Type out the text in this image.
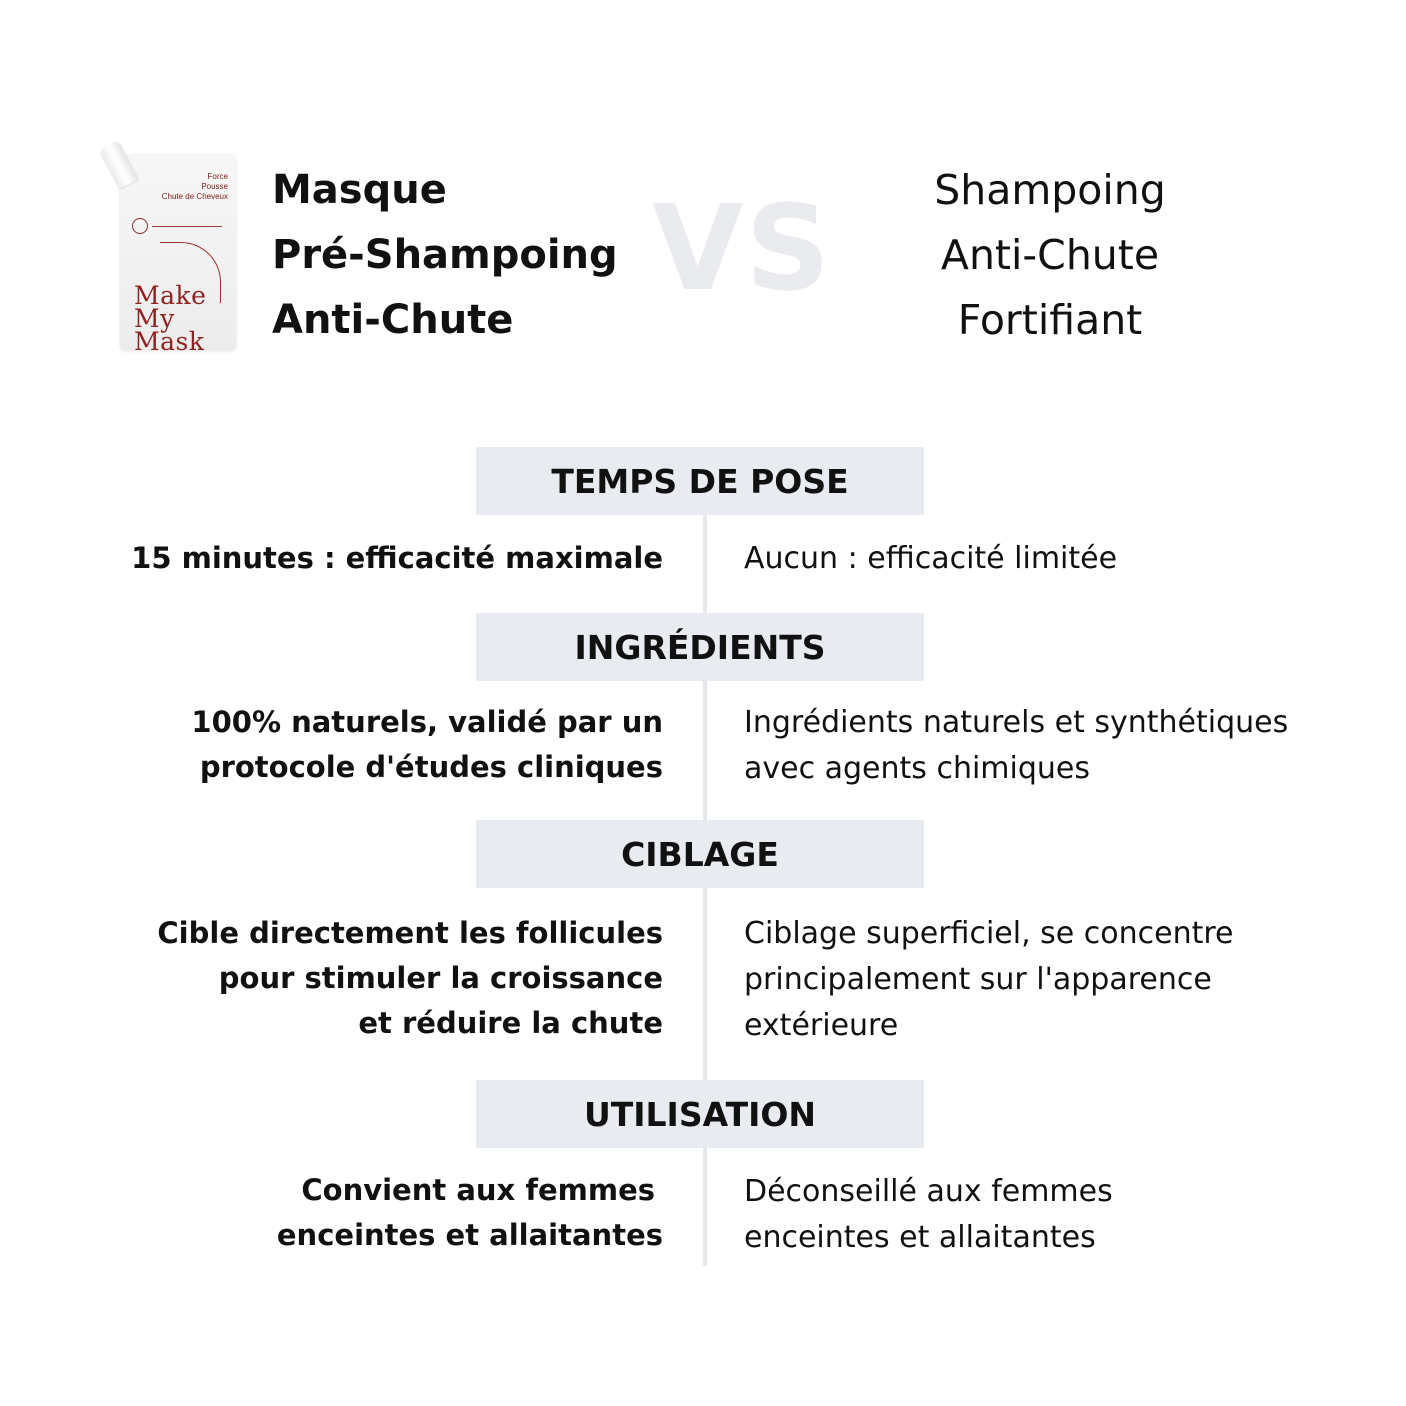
Force
Pousse
Chute de Cheveux
Make
My
Mask
Masque
Pré-Shampoing
Anti-Chute
VS	Shampoing
Anti-Chute
Fortifiant
TEMPS DE POSE
15 minutes : efficacité maximale	Aucun : efficacité limitée
INGRÉDIENTS
100% naturels, validé par un
protocole d'études cliniques
Ingrédients naturels et synthétiques
avec agents chimiques
CIBLAGE
Cible directement les follicules
pour stimuler la croissance
et réduire la chute
Ciblage superficiel, se concentre
principalement sur l'apparence
extérieure
UTILISATION
Convient aux femmes
enceintes et allaitantes
Déconseillé aux femmes
enceintes et allaitantes
